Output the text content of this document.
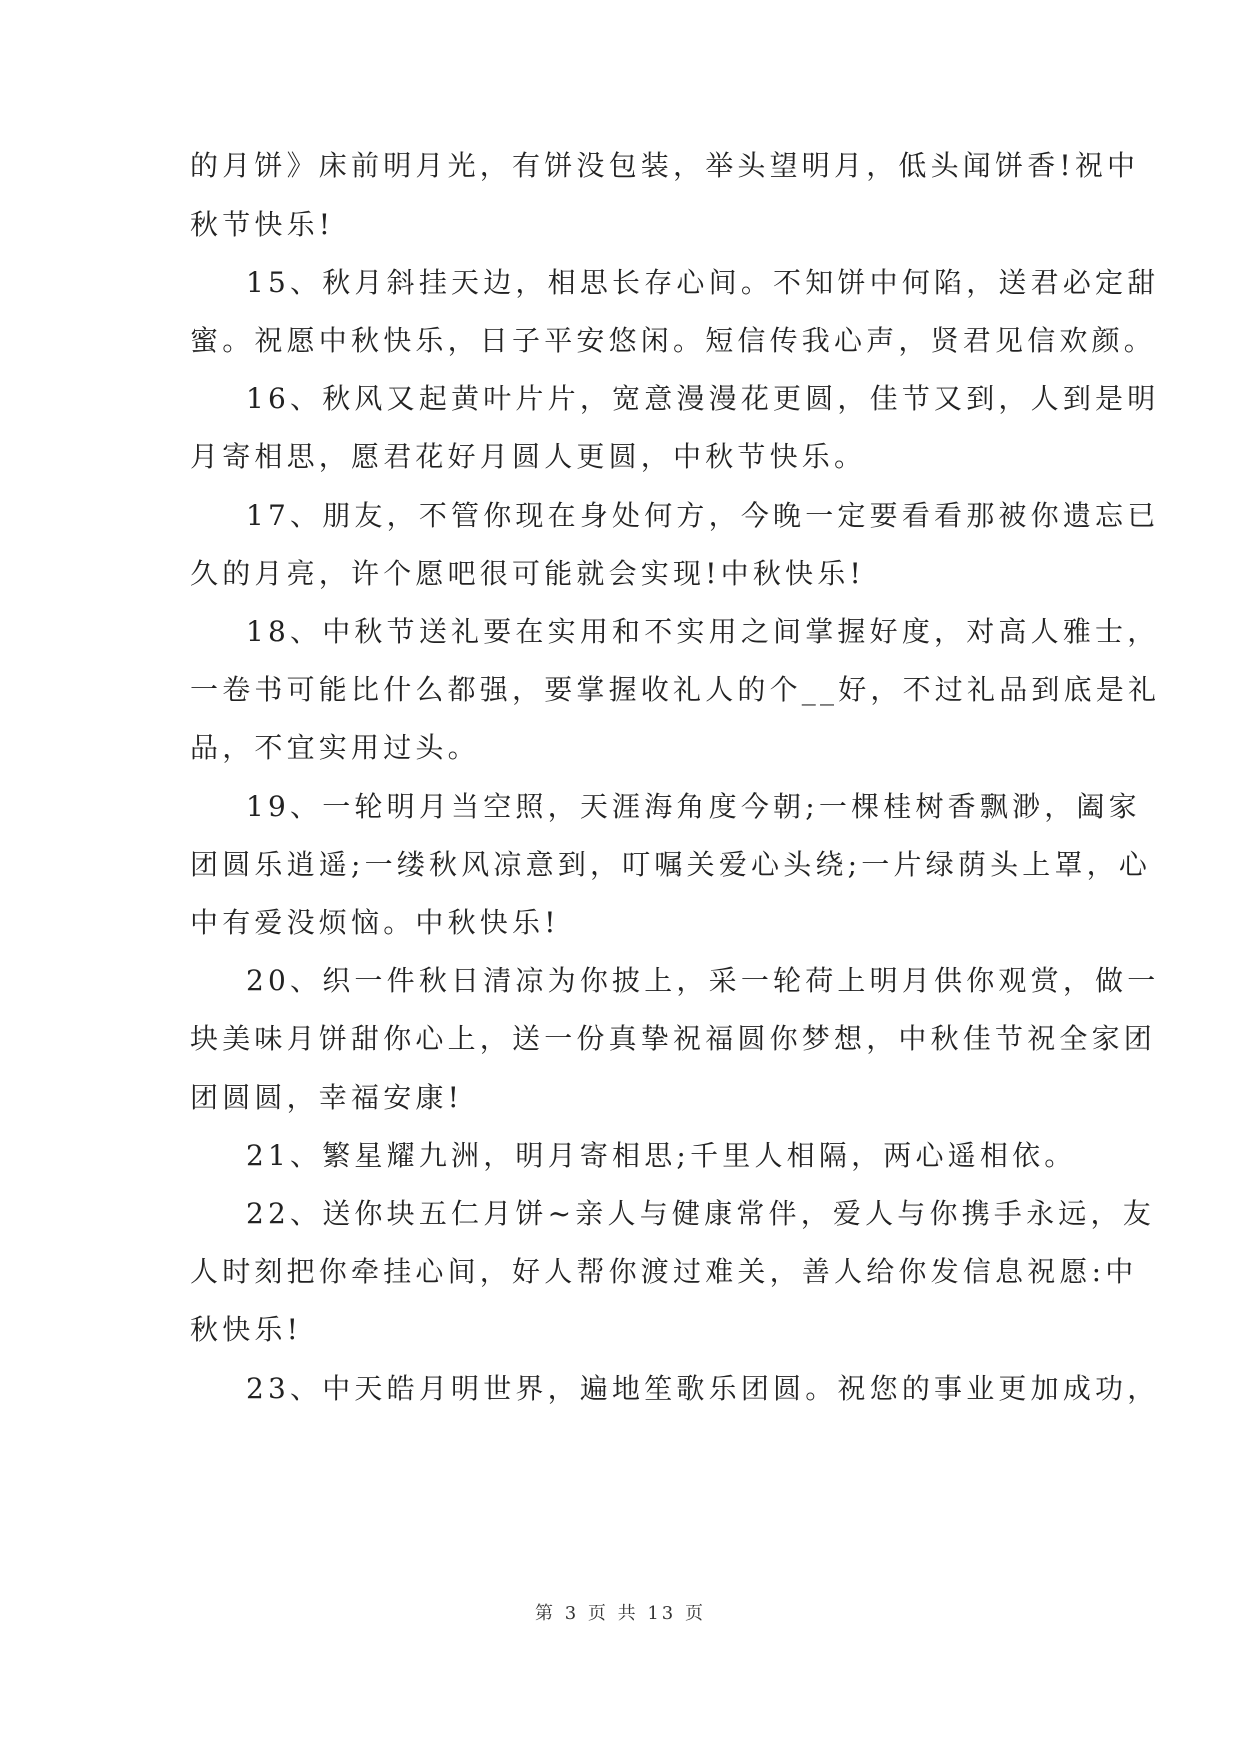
的月饼》床前明月光，有饼没包装，举头望明月，低头闻饼香!祝中
秋节快乐!
15、秋月斜挂天边，相思长存心间。不知饼中何陷，送君必定甜
蜜。祝愿中秋快乐，日子平安悠闲。短信传我心声，贤君见信欢颜。
16、秋风又起黄叶片片，宽意漫漫花更圆，佳节又到，人到是明
月寄相思，愿君花好月圆人更圆，中秋节快乐。
17、朋友，不管你现在身处何方，今晚一定要看看那被你遗忘已
久的月亮，许个愿吧很可能就会实现!中秋快乐!
18、中秋节送礼要在实用和不实用之间掌握好度，对高人雅士，
一卷书可能比什么都强，要掌握收礼人的个__好，不过礼品到底是礼
品，不宜实用过头。
19、一轮明月当空照，天涯海角度今朝;一棵桂树香飘渺，阖家
团圆乐逍遥;一缕秋风凉意到，叮嘱关爱心头绕;一片绿荫头上罩，心
中有爱没烦恼。中秋快乐!
20、织一件秋日清凉为你披上，采一轮荷上明月供你观赏，做一
块美味月饼甜你心上，送一份真挚祝福圆你梦想，中秋佳节祝全家团
团圆圆，幸福安康!
21、繁星耀九洲，明月寄相思;千里人相隔，两心遥相依。
22、送你块五仁月饼~亲人与健康常伴，爱人与你携手永远，友
人时刻把你牵挂心间，好人帮你渡过难关，善人给你发信息祝愿:中
秋快乐!
23、中天皓月明世界，遍地笙歌乐团圆。祝您的事业更加成功，
第 3 页 共 13 页
